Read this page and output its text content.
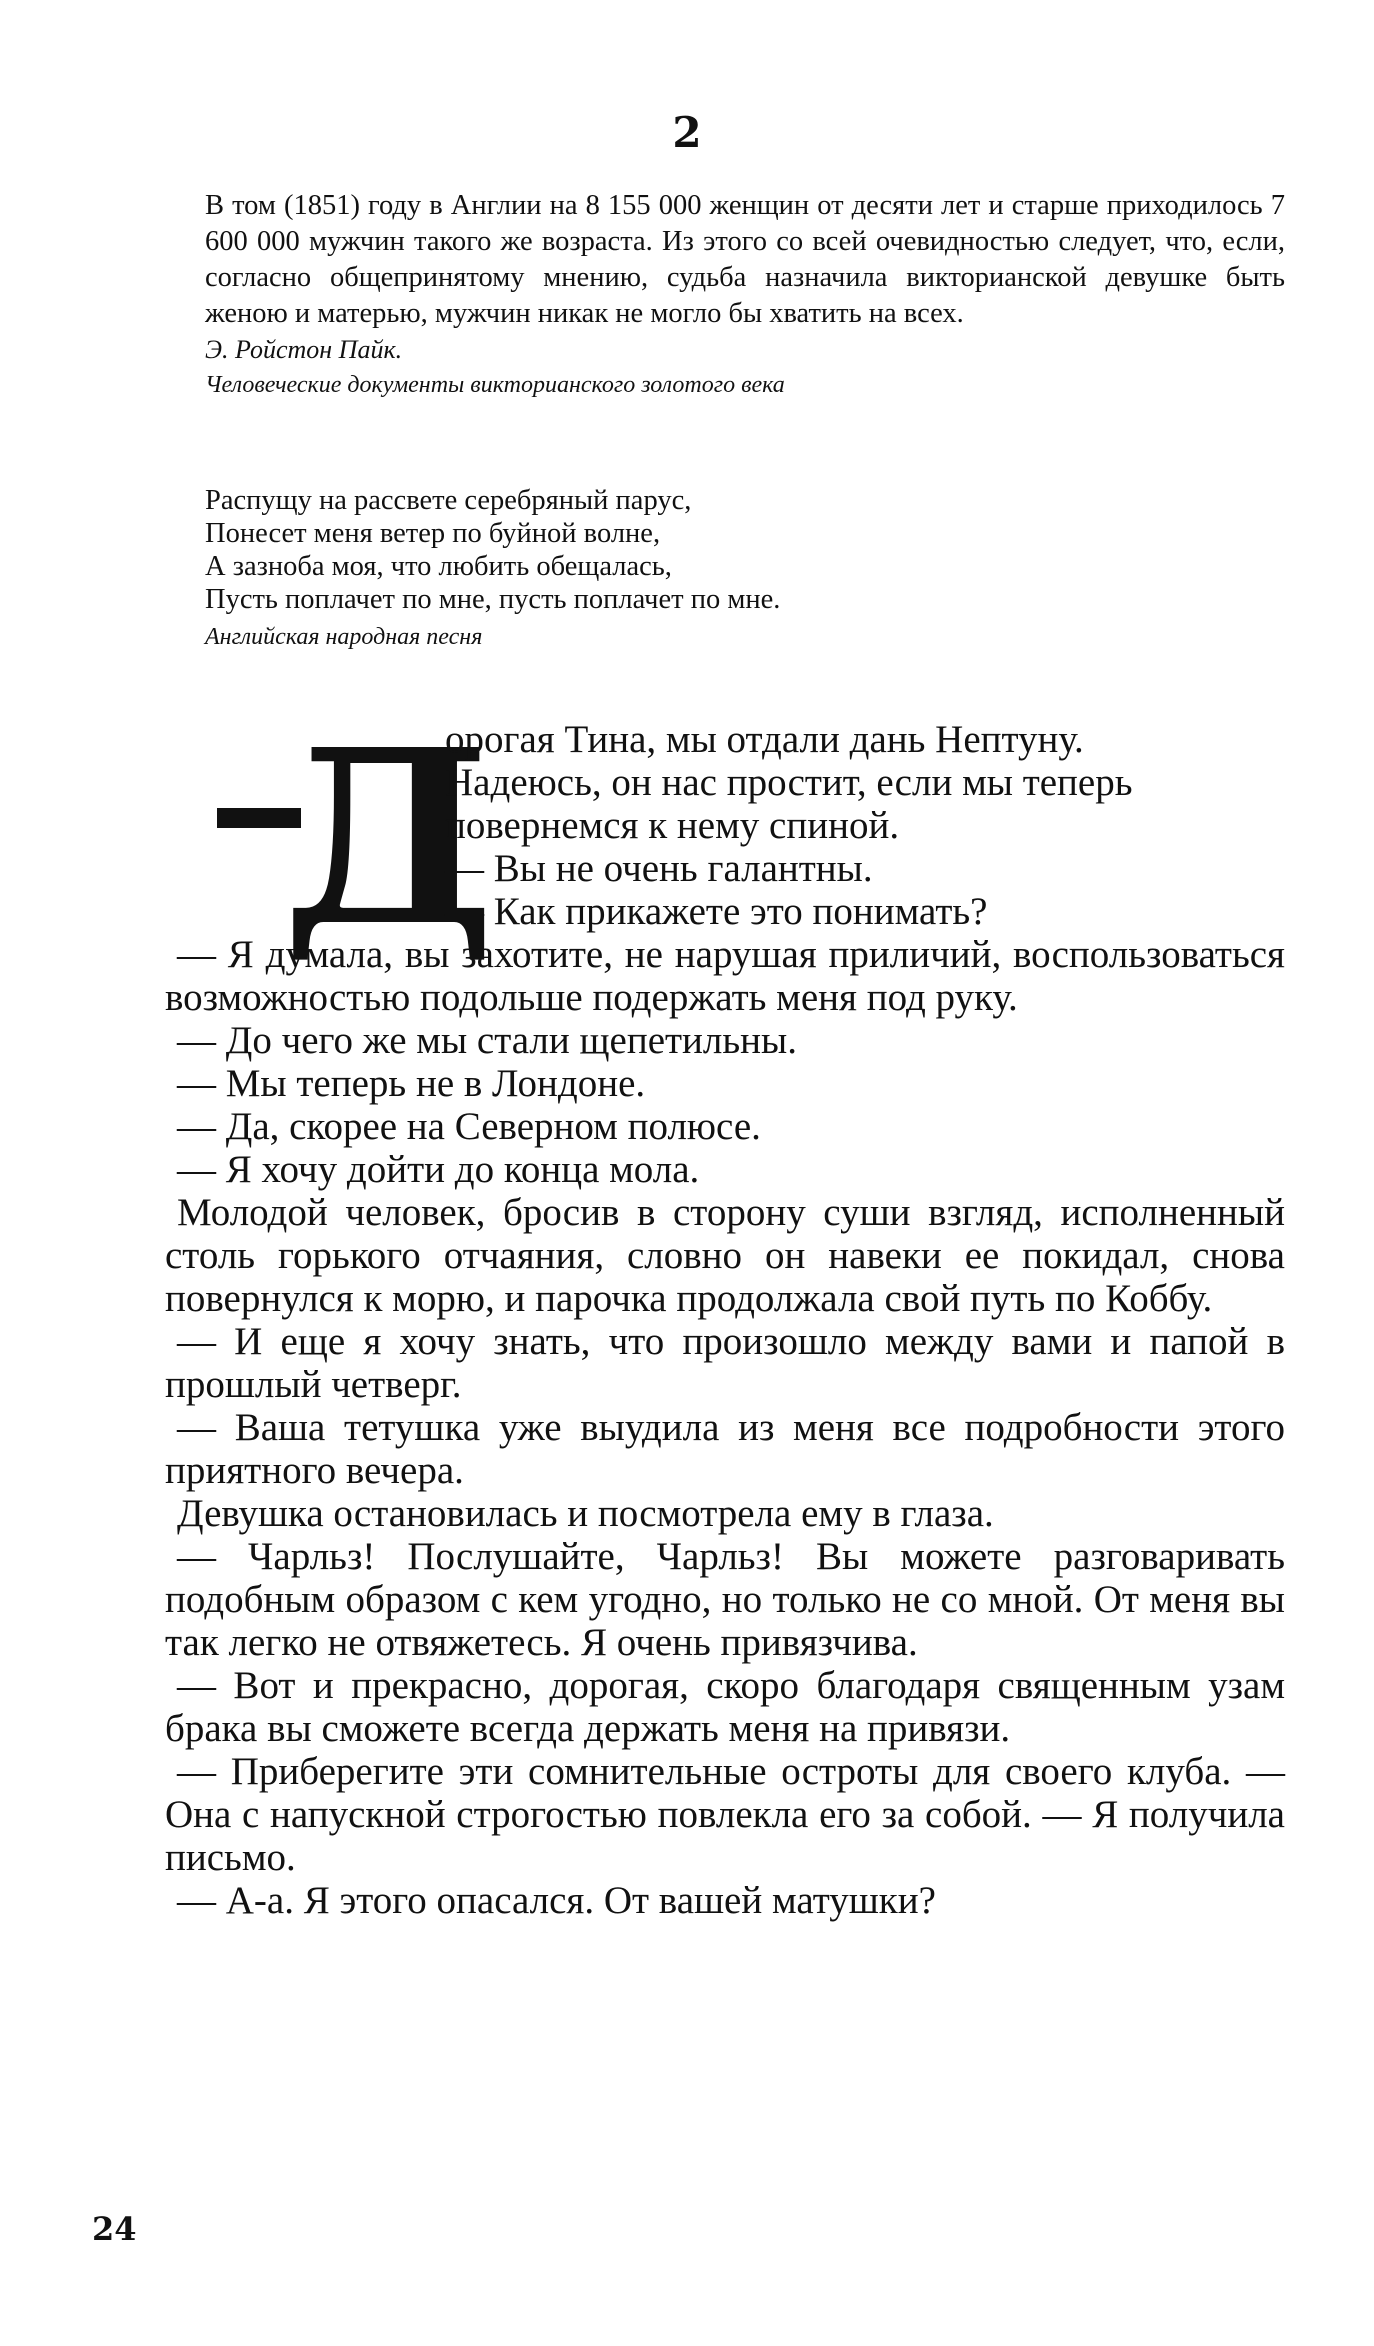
2

В том (1851) году в Англии на 8 155 000 женщин от десяти лет и старше приходилось 7 600 000 мужчин такого же возраста. Из этого со всей очевидностью следует, что, если, согласно общепринятому мнению, судьба назначила викторианской девушке быть женою и матерью, мужчин никак не могло бы хватить на всех.

Э. Ройстон Пайк.

Человеческие документы викторианского золотого века

Распущу на рассвете серебряный парус,

Понесет меня ветер по буйной волне,

А зазноба моя, что любить обещалась,

Пусть поплачет по мне, пусть поплачет по мне.

Английская народная песня

Д

орогая Тина, мы отдали дань Нептуну.

Надеюсь, он нас простит, если мы теперь

повернемся к нему спиной.

— Вы не очень галантны.

— Как прикажете это понимать?

— Я думала, вы захотите, не нарушая приличий, воспользоваться возможностью подольше подержать меня под руку.

— До чего же мы стали щепетильны.

— Мы теперь не в Лондоне.

— Да, скорее на Северном полюсе.

— Я хочу дойти до конца мола.

Молодой человек, бросив в сторону суши взгляд, исполненный столь горького отчаяния, словно он навеки ее покидал, снова повернулся к морю, и парочка продолжала свой путь по Коббу.

— И еще я хочу знать, что произошло между вами и папой в прошлый четверг.

— Ваша тетушка уже выудила из меня все подробности этого приятного вечера.

Девушка остановилась и посмотрела ему в глаза.

— Чарльз! Послушайте, Чарльз! Вы можете разговаривать подобным образом с кем угодно, но только не со мной. От меня вы так легко не отвяжетесь. Я очень привязчива.

— Вот и прекрасно, дорогая, скоро благодаря священным узам брака вы сможете всегда держать меня на привязи.

— Приберегите эти сомнительные остроты для своего клуба. — Она с напускной строгостью повлекла его за собой. — Я получила письмо.

— А-а. Я этого опасался. От вашей матушки?

24
